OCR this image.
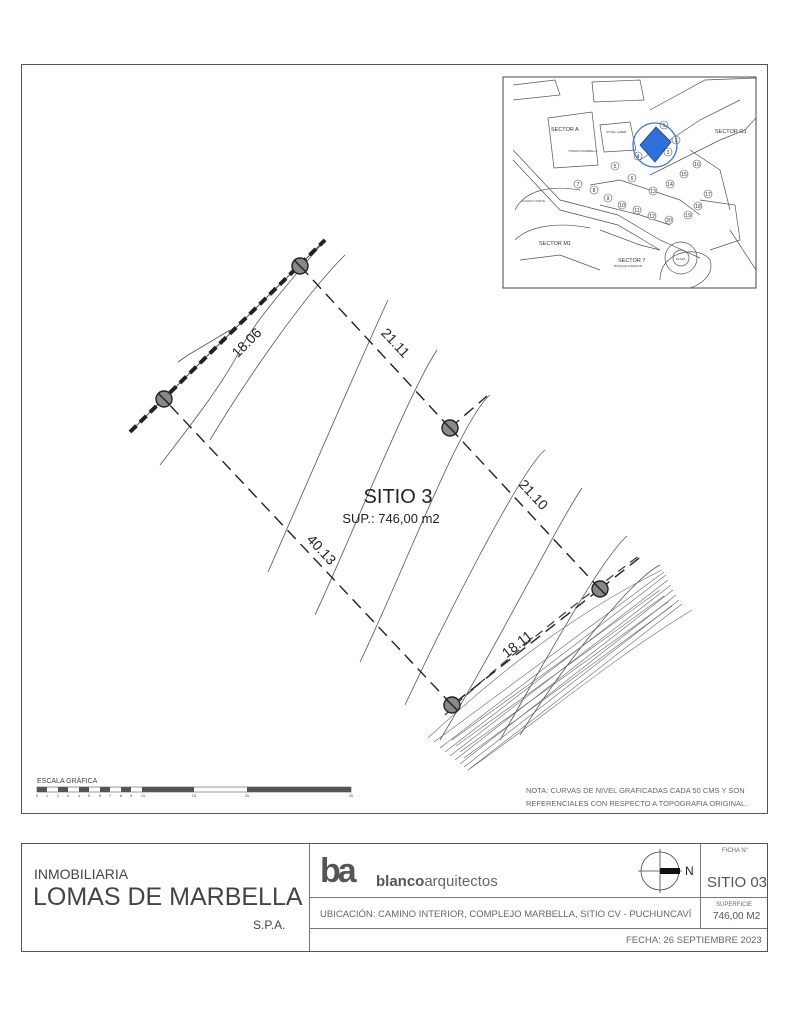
18.06	21.11
21.10
18.11
40.13
SITIO 3
SUP.: 746,00 m2
1
2
3
4
5
6
7
8
9
10
11
12
13
14
15
16
17
18
19
20
SECTOR A	SECTOR G1
SECTOR M1
SECTOR 7
HOTEL LABEB
TORRES MARBELLA
BOSQUE INTERIOR
ACCESO NORTE
PLAZA
ESCALA GRÁFICA
0 1 2 3 4 5 6 7 8 9 10	15	20	30
NOTA: CURVAS DE NIVEL GRAFICADAS CADA 50 CMS Y SON
REFERENCIALES CON RESPECTO A TOPOGRAFIA ORIGINAL.
INMOBILIARIA
LOMAS DE MARBELLA
S.P.A.
ba blancoarquitectos
N
FICHA N°
SITIO 03
SUPERFICIE
746,00 M2
UBICACIÓN: CAMINO INTERIOR, COMPLEJO MARBELLA, SITIO CV - PUCHUNCAVÍ
FECHA: 26 SEPTIEMBRE 2023
